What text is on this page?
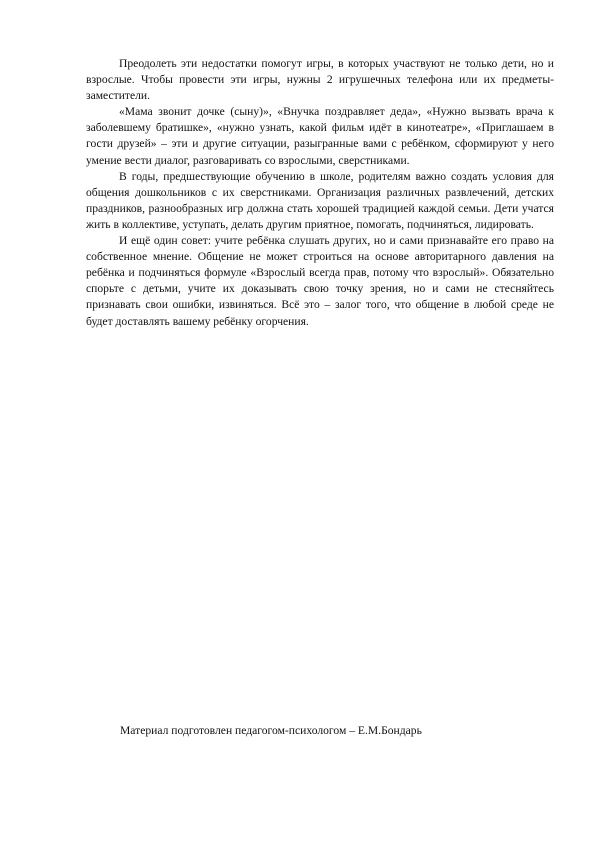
Преодолеть эти недостатки помогут игры, в которых участвуют не только дети, но и взрослые. Чтобы провести эти игры, нужны 2 игрушечных телефона или их предметы-заместители.

«Мама звонит дочке (сыну)», «Внучка поздравляет деда», «Нужно вызвать врача к заболевшему братишке», «нужно узнать, какой фильм идёт в кинотеатре», «Приглашаем в гости друзей» – эти и другие ситуации, разыгранные вами с ребёнком, сформируют у него умение вести диалог, разговаривать со взрослыми, сверстниками.

В годы, предшествующие обучению в школе, родителям важно создать условия для общения дошкольников с их сверстниками. Организация различных развлечений, детских праздников, разнообразных игр должна стать хорошей традицией каждой семьи. Дети учатся жить в коллективе, уступать, делать другим приятное, помогать, подчиняться, лидировать.

И ещё один совет: учите ребёнка слушать других, но и сами признавайте его право на собственное мнение. Общение не может строиться на основе авторитарного давления на ребёнка и подчиняться формуле «Взрослый всегда прав, потому что взрослый». Обязательно спорьте с детьми, учите их доказывать свою точку зрения, но и сами не стесняйтесь признавать свои ошибки, извиняться. Всё это – залог того, что общение в любой среде не будет доставлять вашему ребёнку огорчения.

Материал подготовлен педагогом-психологом – Е.М.Бондарь
